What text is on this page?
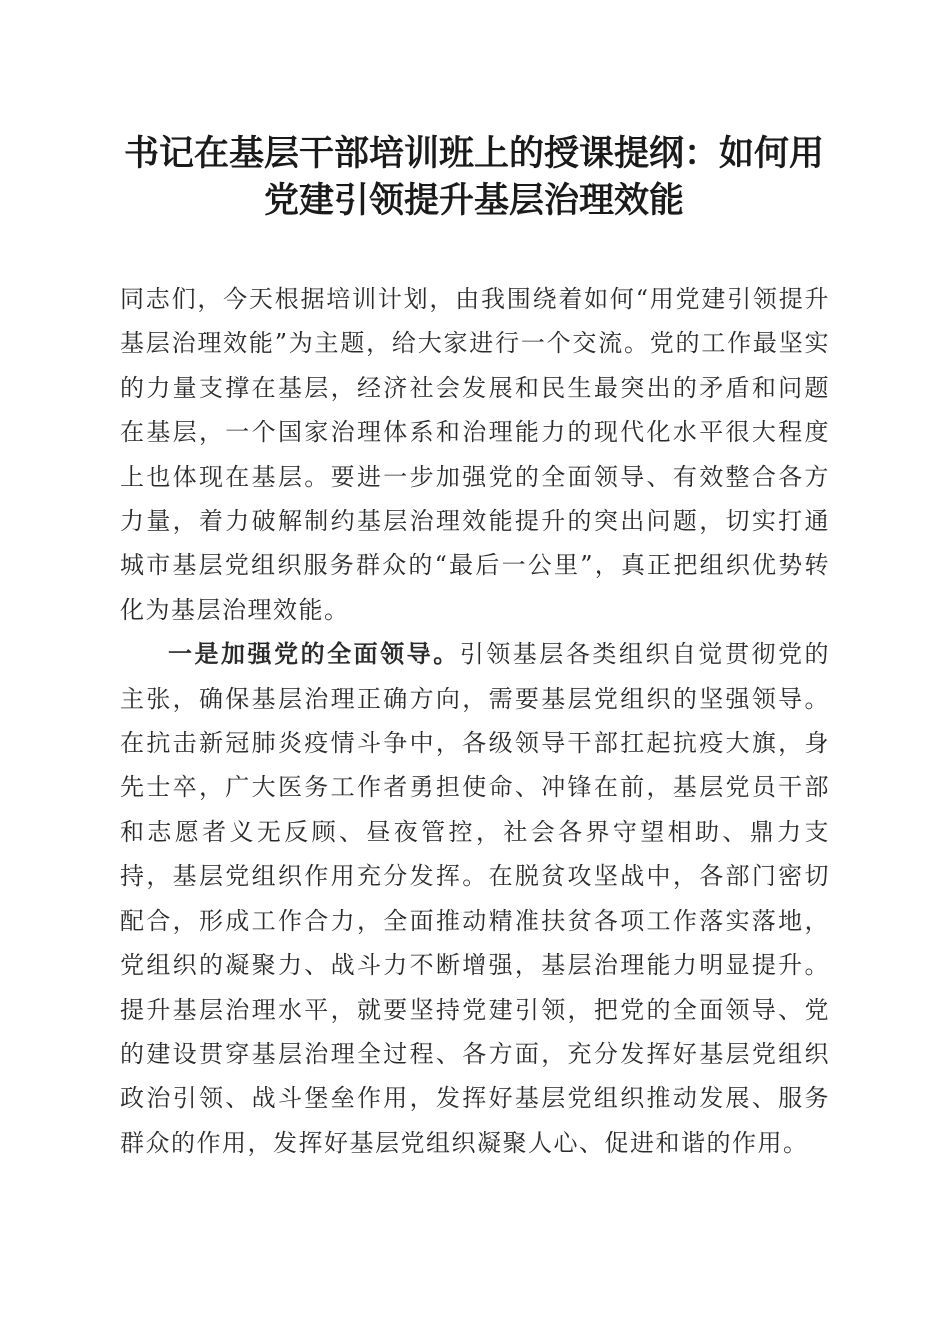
书记在基层干部培训班上的授课提纲：如何用
党建引领提升基层治理效能

同志们，今天根据培训计划，由我围绕着如何“用党建引领提升基层治理效能”为主题，给大家进行一个交流。党的工作最坚实的力量支撑在基层，经济社会发展和民生最突出的矛盾和问题在基层，一个国家治理体系和治理能力的现代化水平很大程度上也体现在基层。要进一步加强党的全面领导、有效整合各方力量，着力破解制约基层治理效能提升的突出问题，切实打通城市基层党组织服务群众的“最后一公里”，真正把组织优势转化为基层治理效能。

一是加强党的全面领导。引领基层各类组织自觉贯彻党的主张，确保基层治理正确方向，需要基层党组织的坚强领导。在抗击新冠肺炎疫情斗争中，各级领导干部扛起抗疫大旗，身先士卒，广大医务工作者勇担使命、冲锋在前，基层党员干部和志愿者义无反顾、昼夜管控，社会各界守望相助、鼎力支持，基层党组织作用充分发挥。在脱贫攻坚战中，各部门密切配合，形成工作合力，全面推动精准扶贫各项工作落实落地，党组织的凝聚力、战斗力不断增强，基层治理能力明显提升。提升基层治理水平，就要坚持党建引领，把党的全面领导、党的建设贯穿基层治理全过程、各方面，充分发挥好基层党组织政治引领、战斗堡垒作用，发挥好基层党组织推动发展、服务群众的作用，发挥好基层党组织凝聚人心、促进和谐的作用。
